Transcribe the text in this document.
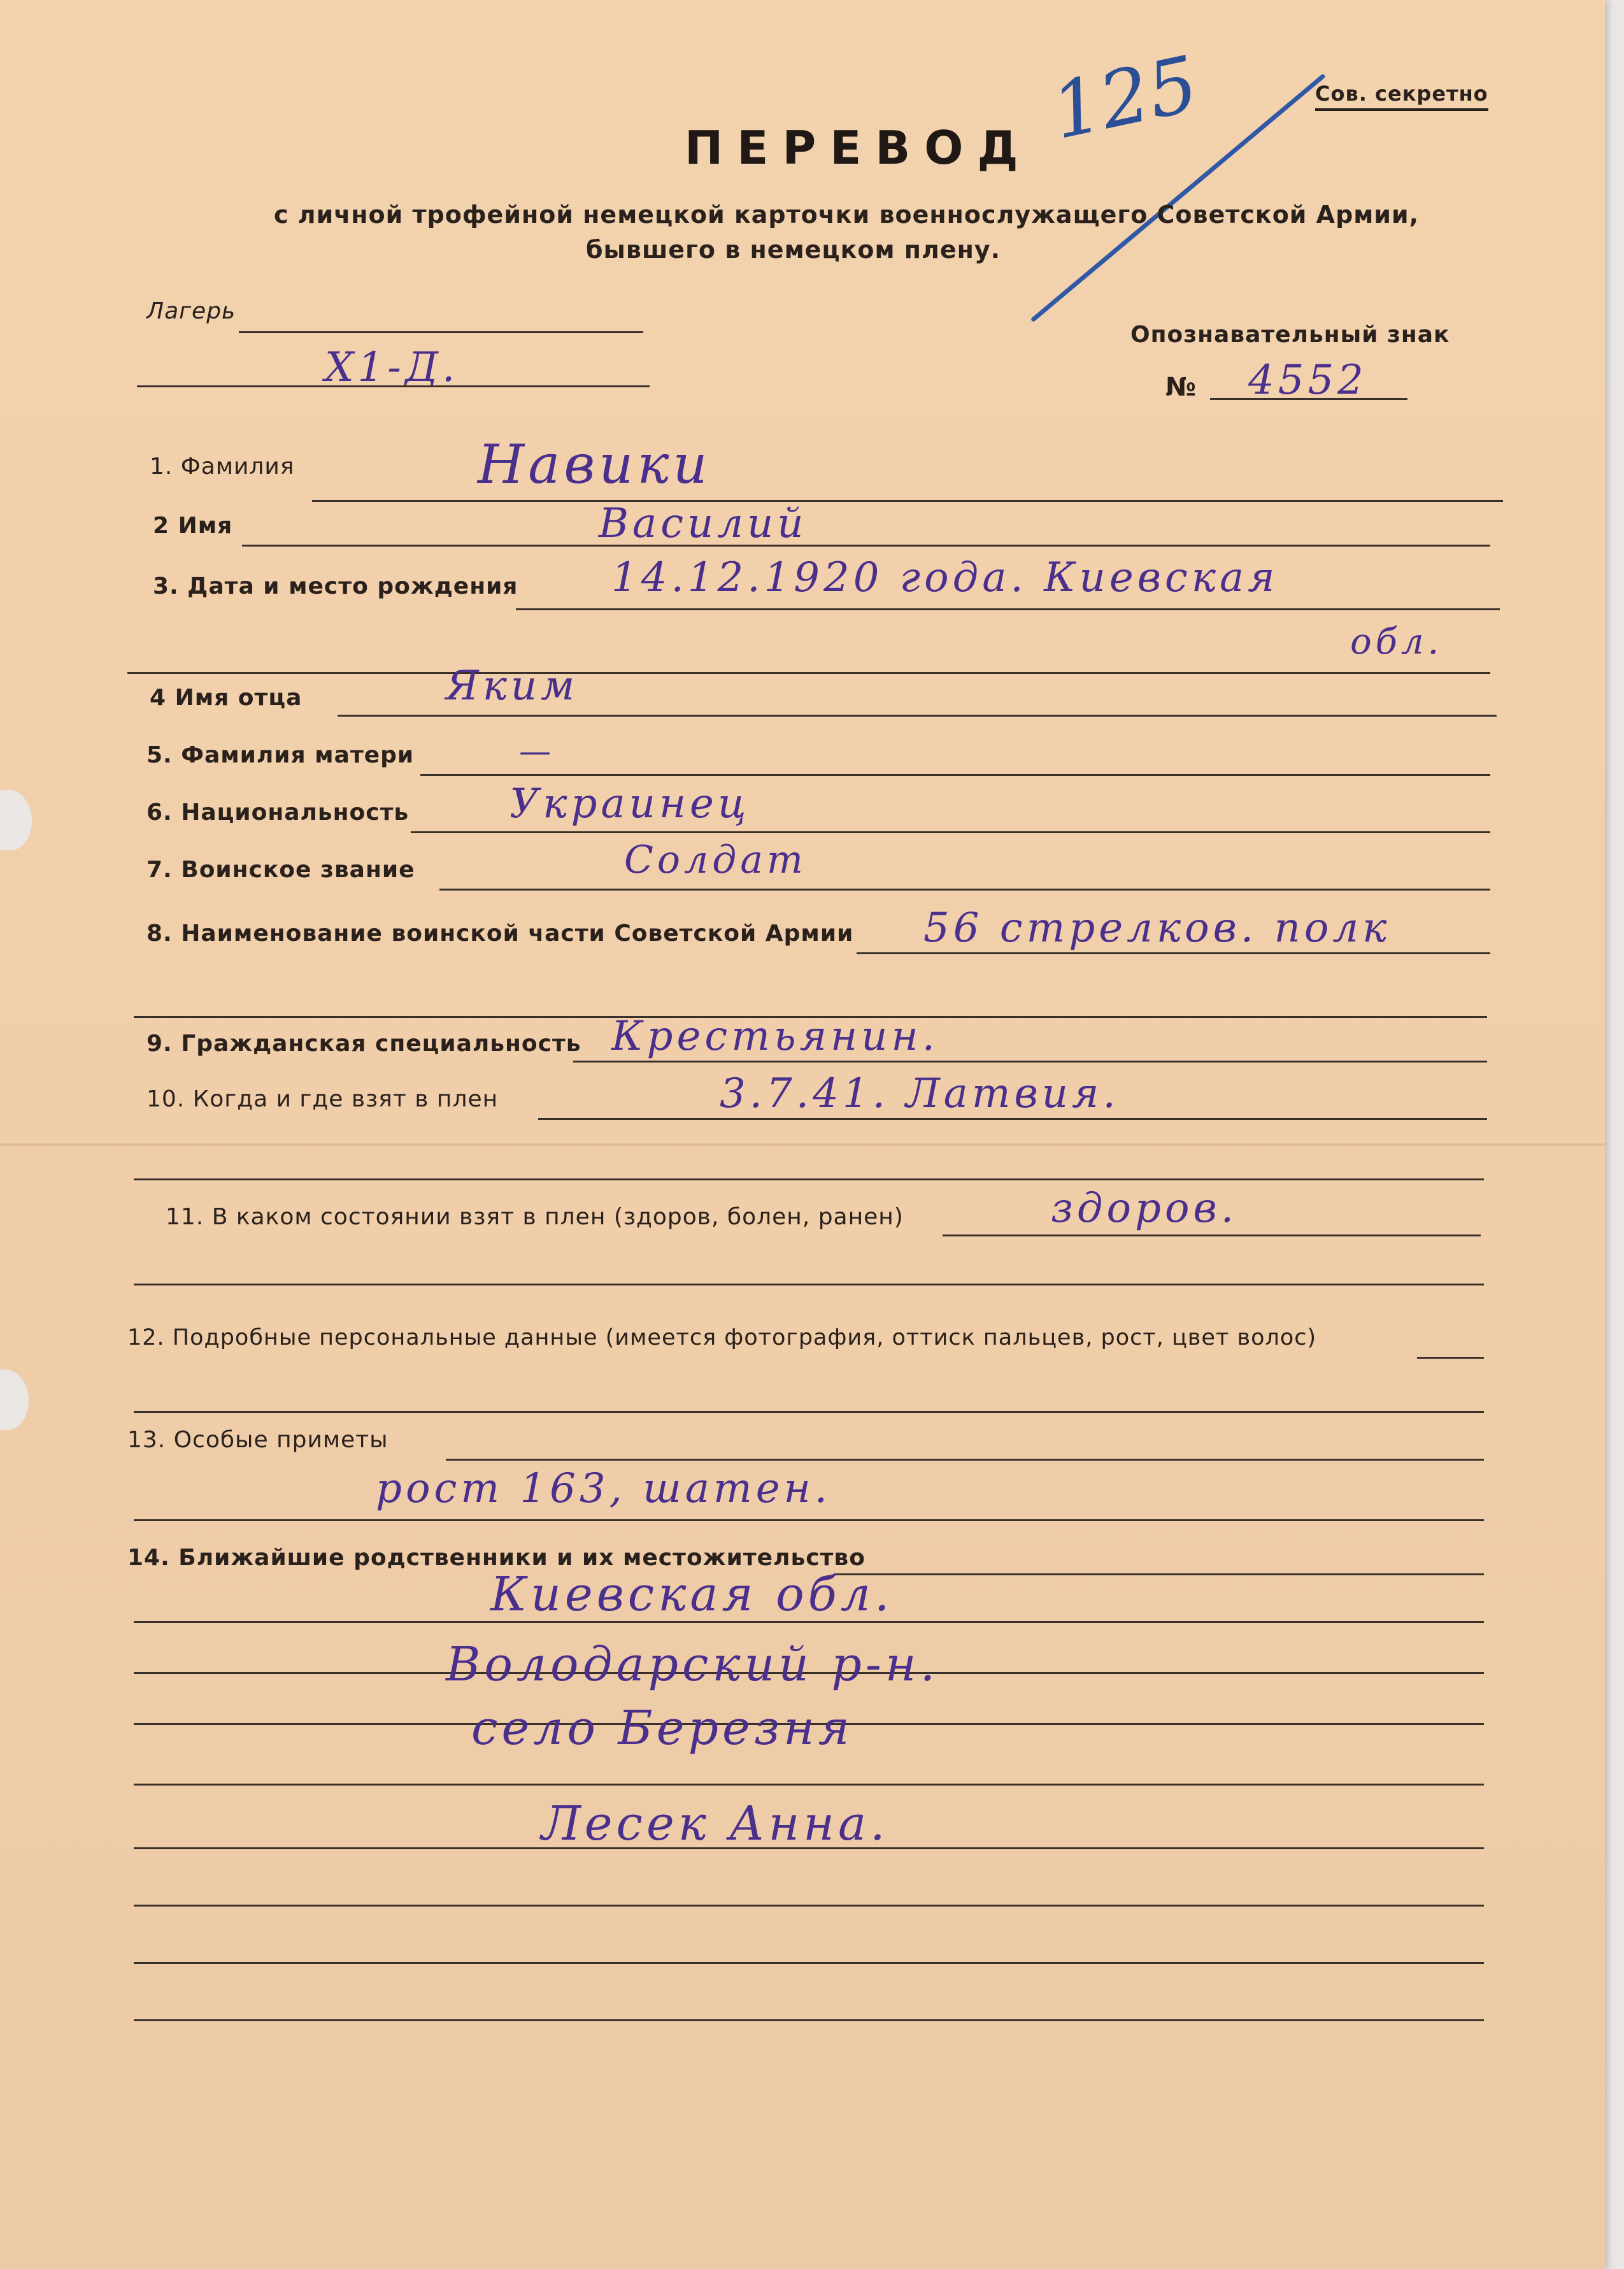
Сов. секретно
ПЕРЕВОД 125
с личной трофейной немецкой карточки военнослужащего Советской Армии,
бывшего в немецком плену.
Лагерь
Х1-Д.
Опознавательный знак
№ 4552
1. Фамилия	Навики
2 Имя	Василий
3. Дата и место рождения 14.12.1920 года. Киевская
обл.
4 Имя отца	Яким
5. Фамилия матери	—
6. Национальность Украинец
7. Воинское звание	Солдат
8. Наименование воинской части Советской Армии 56 стрелков. полк
9. Гражданская специальность Крестьянин.
10. Когда и где взят в плен	3.7.41. Латвия.
11. В каком состоянии взят в плен (здоров, болен, ранен)	здоров.
12. Подробные персональные данные (имеется фотография, оттиск пальцев, рост, цвет волос)
13. Особые приметы
рост 163, шатен.
14. Ближайшие родственники и их местожительство
Киевская обл.
Володарский р-н.
село Березня
Лесек Анна.
